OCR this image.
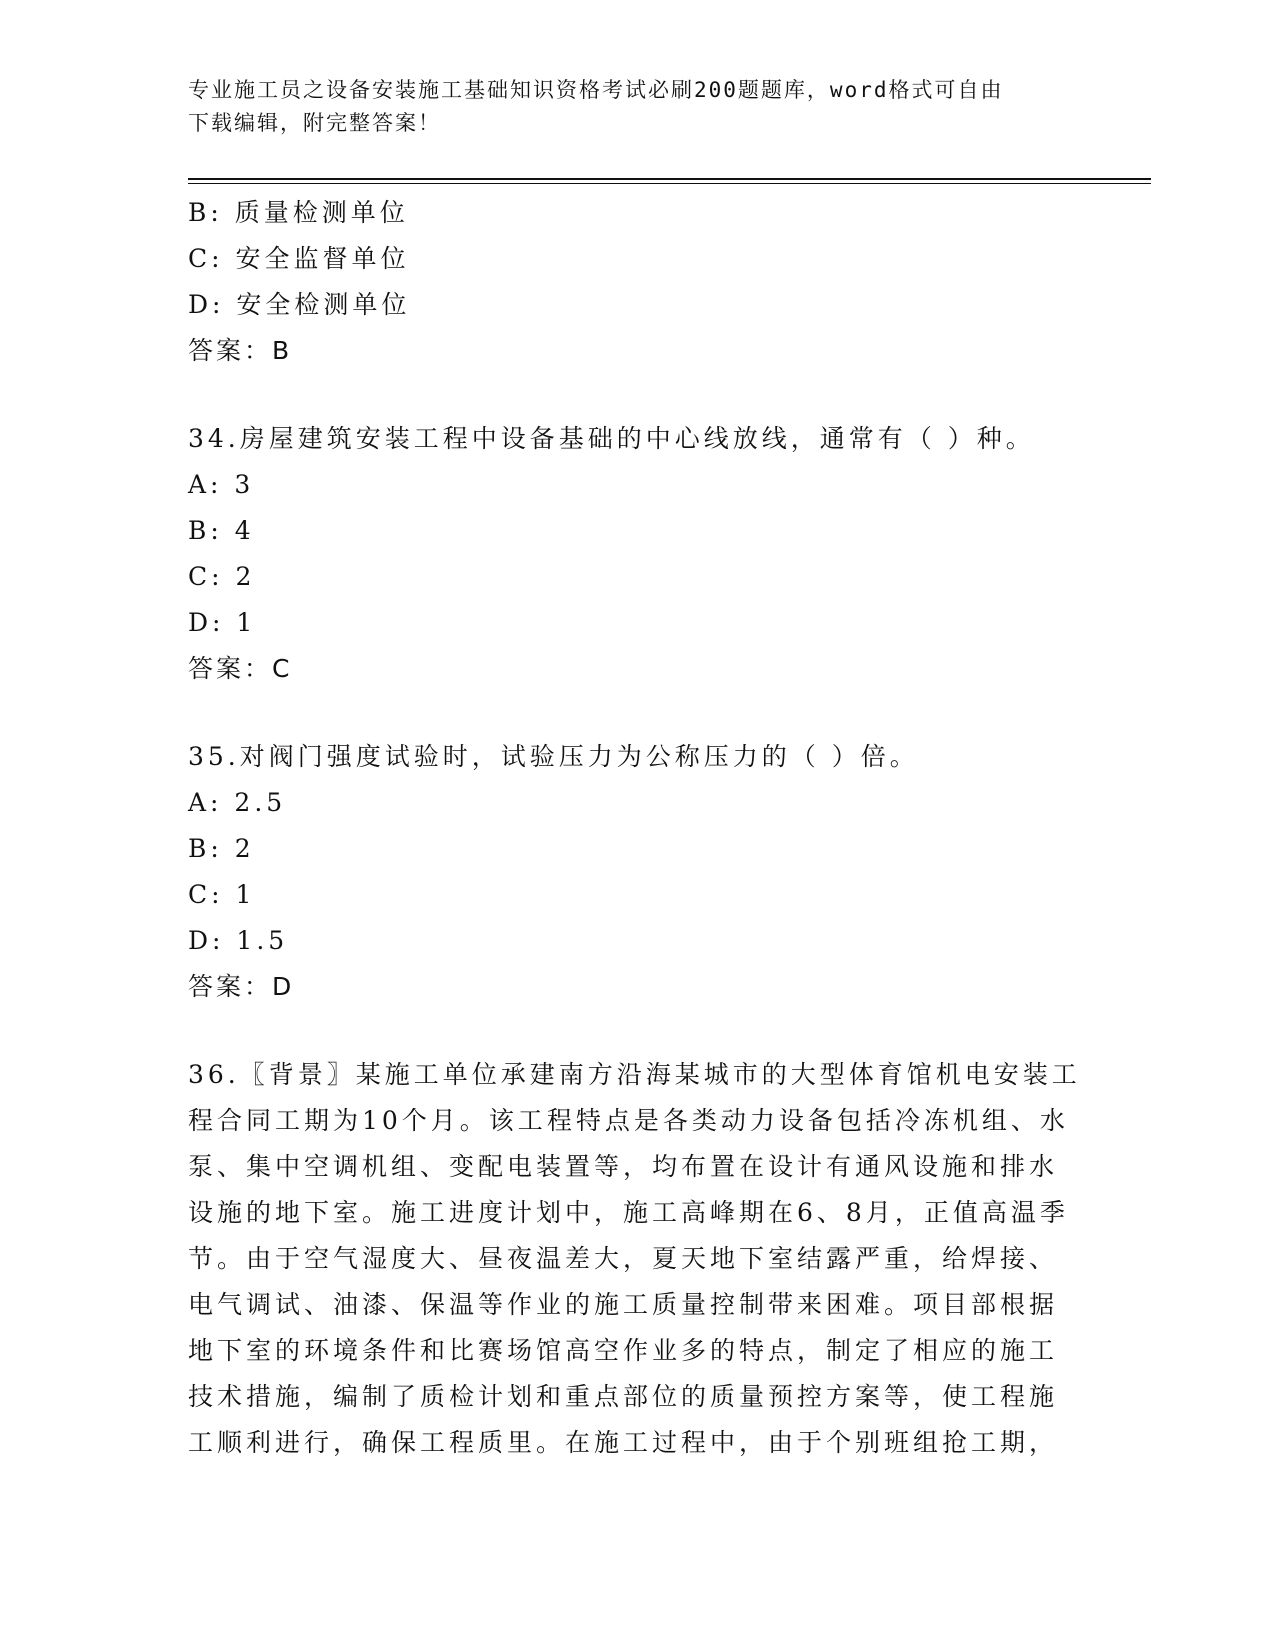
专业施工员之设备安装施工基础知识资格考试必刷200题题库，word格式可自由
下载编辑，附完整答案！
B: 质量检测单位
C: 安全监督单位
D: 安全检测单位
答案：B
34.房屋建筑安装工程中设备基础的中心线放线，通常有（ ）种。
A: 3
B: 4
C: 2
D: 1
答案：C
35.对阀门强度试验时，试验压力为公称压力的（ ）倍。
A: 2.5
B: 2
C: 1
D: 1.5
答案：D
36.〖背景〗某施工单位承建南方沿海某城市的大型体育馆机电安装工
程合同工期为10个月。该工程特点是各类动力设备包括冷冻机组、水
泵、集中空调机组、变配电装置等，均布置在设计有通风设施和排水
设施的地下室。施工进度计划中，施工高峰期在6、8月，正值高温季
节。由于空气湿度大、昼夜温差大，夏天地下室结露严重，给焊接、
电气调试、油漆、保温等作业的施工质量控制带来困难。项目部根据
地下室的环境条件和比赛场馆高空作业多的特点，制定了相应的施工
技术措施，编制了质检计划和重点部位的质量预控方案等，使工程施
工顺利进行，确保工程质里。在施工过程中，由于个别班组抢工期，
